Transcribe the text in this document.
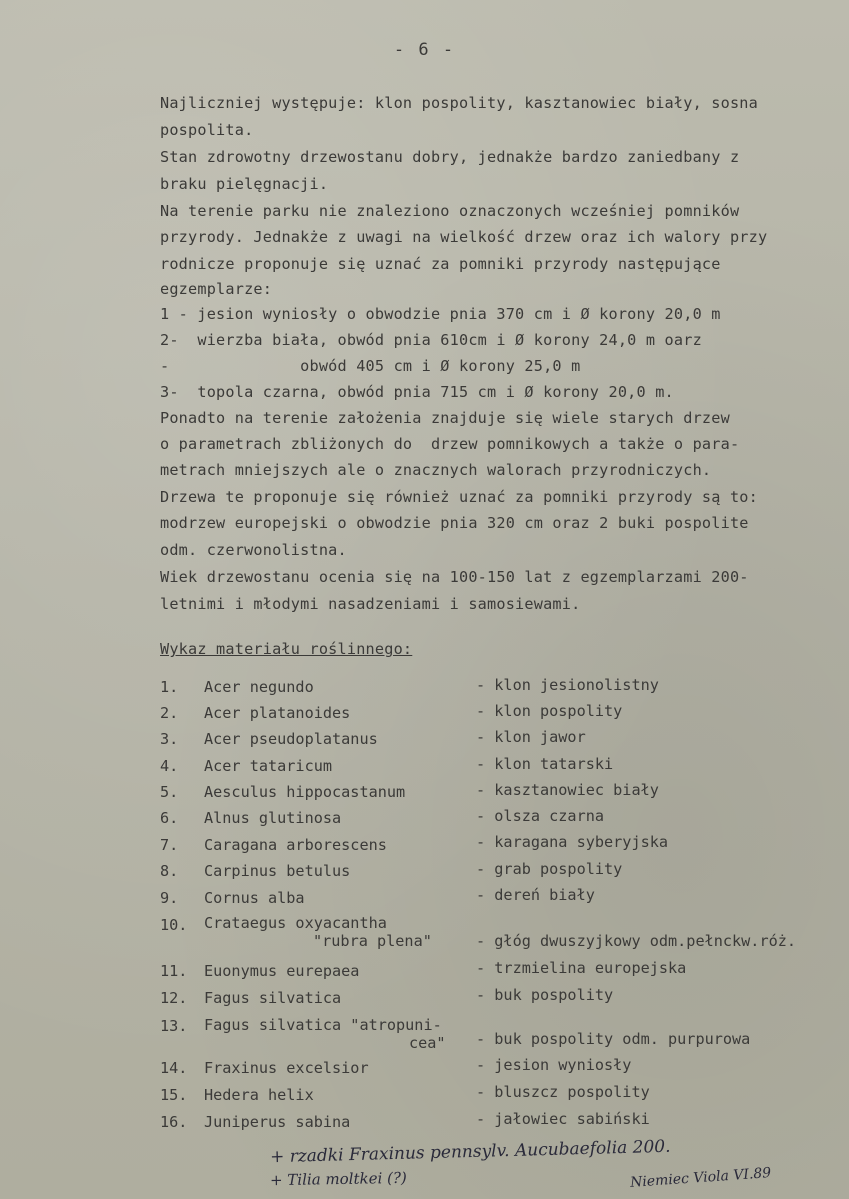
- 6 -
Najliczniej występuje: klon pospolity, kasztanowiec biały, sosna
pospolita.
Stan zdrowotny drzewostanu dobry, jednakże bardzo zaniedbany z
braku pielęgnacji.
Na terenie parku nie znaleziono oznaczonych wcześniej pomników
przyrody. Jednakże z uwagi na wielkość drzew oraz ich walory przy
rodnicze proponuje się uznać za pomniki przyrody następujące
egzemplarze:
1 - jesion wyniosły o obwodzie pnia 370 cm i Ø korony 20,0 m
2-  wierzba biała, obwód pnia 610cm i Ø korony 24,0 m oarz
-              obwód 405 cm i Ø korony 25,0 m
3-  topola czarna, obwód pnia 715 cm i Ø korony 20,0 m.
Ponadto na terenie założenia znajduje się wiele starych drzew
o parametrach zbliżonych do  drzew pomnikowych a także o para-
metrach mniejszych ale o znacznych walorach przyrodniczych.
Drzewa te proponuje się również uznać za pomniki przyrody są to:
modrzew europejski o obwodzie pnia 320 cm oraz 2 buki pospolite
odm. czerwonolistna.
Wiek drzewostanu ocenia się na 100-150 lat z egzemplarzami 200-
letnimi i młodymi nasadzeniami i samosiewami.
Wykaz materiału roślinnego:
1. Acer negundo	- klon jesionolistny
2. Acer platanoides	- klon pospolity
3. Acer pseudoplatanus	- klon jawor
4. Acer tataricum	- klon tatarski
5. Aesculus hippocastanum	- kasztanowiec biały
6. Alnus glutinosa	- olsza czarna
7. Caragana arborescens	- karagana syberyjska
8. Carpinus betulus	- grab pospolity
9. Cornus alba	- dereń biały
10. Crataegus oxyacantha
"rubra plena"	- głóg dwuszyjkowy odm.pełnckw.róż.
11. Euonymus eurepaea	- trzmielina europejska
12. Fagus silvatica	- buk pospolity
13. Fagus silvatica "atropuni-
cea" - buk pospolity odm. purpurowa
14. Fraxinus excelsior	- jesion wyniosły
15. Hedera helix	- bluszcz pospolity
16. Juniperus sabina	- jałowiec sabiński
+ rzadki Fraxinus pennsylv. Aucubaefolia 200.
+ Tilia moltkei (?)	Niemiec Viola VI.89
